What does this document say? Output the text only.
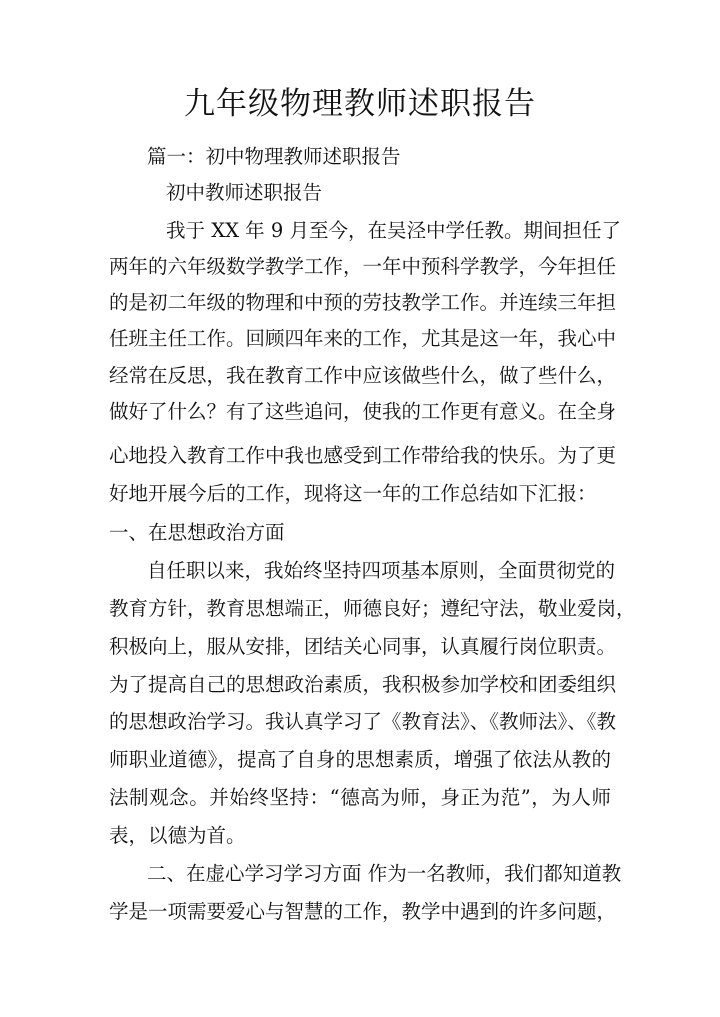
九年级物理教师述职报告
篇一：初中物理教师述职报告
初中教师述职报告
我于 XX 年 9 月至今，在吴泾中学任教。期间担任了
两年的六年级数学教学工作，一年中预科学教学，今年担任
的是初二年级的物理和中预的劳技教学工作。并连续三年担
任班主任工作。回顾四年来的工作，尤其是这一年，我心中
经常在反思，我在教育工作中应该做些什么，做了些什么，
做好了什么？有了这些追问，使我的工作更有意义。在全身
心地投入教育工作中我也感受到工作带给我的快乐。为了更
好地开展今后的工作，现将这一年的工作总结如下汇报：
一、在思想政治方面
自任职以来，我始终坚持四项基本原则，全面贯彻党的
教育方针，教育思想端正，师德良好；遵纪守法，敬业爱岗，
积极向上，服从安排，团结关心同事，认真履行岗位职责。
为了提高自己的思想政治素质，我积极参加学校和团委组织
的思想政治学习。我认真学习了《教育法》、《教师法》、《教
师职业道德》，提高了自身的思想素质，增强了依法从教的
法制观念。并始终坚持：“德高为师，身正为范”，为人师
表，以德为首。
二、在虚心学习学习方面 作为一名教师，我们都知道教
学是一项需要爱心与智慧的工作，教学中遇到的许多问题，
